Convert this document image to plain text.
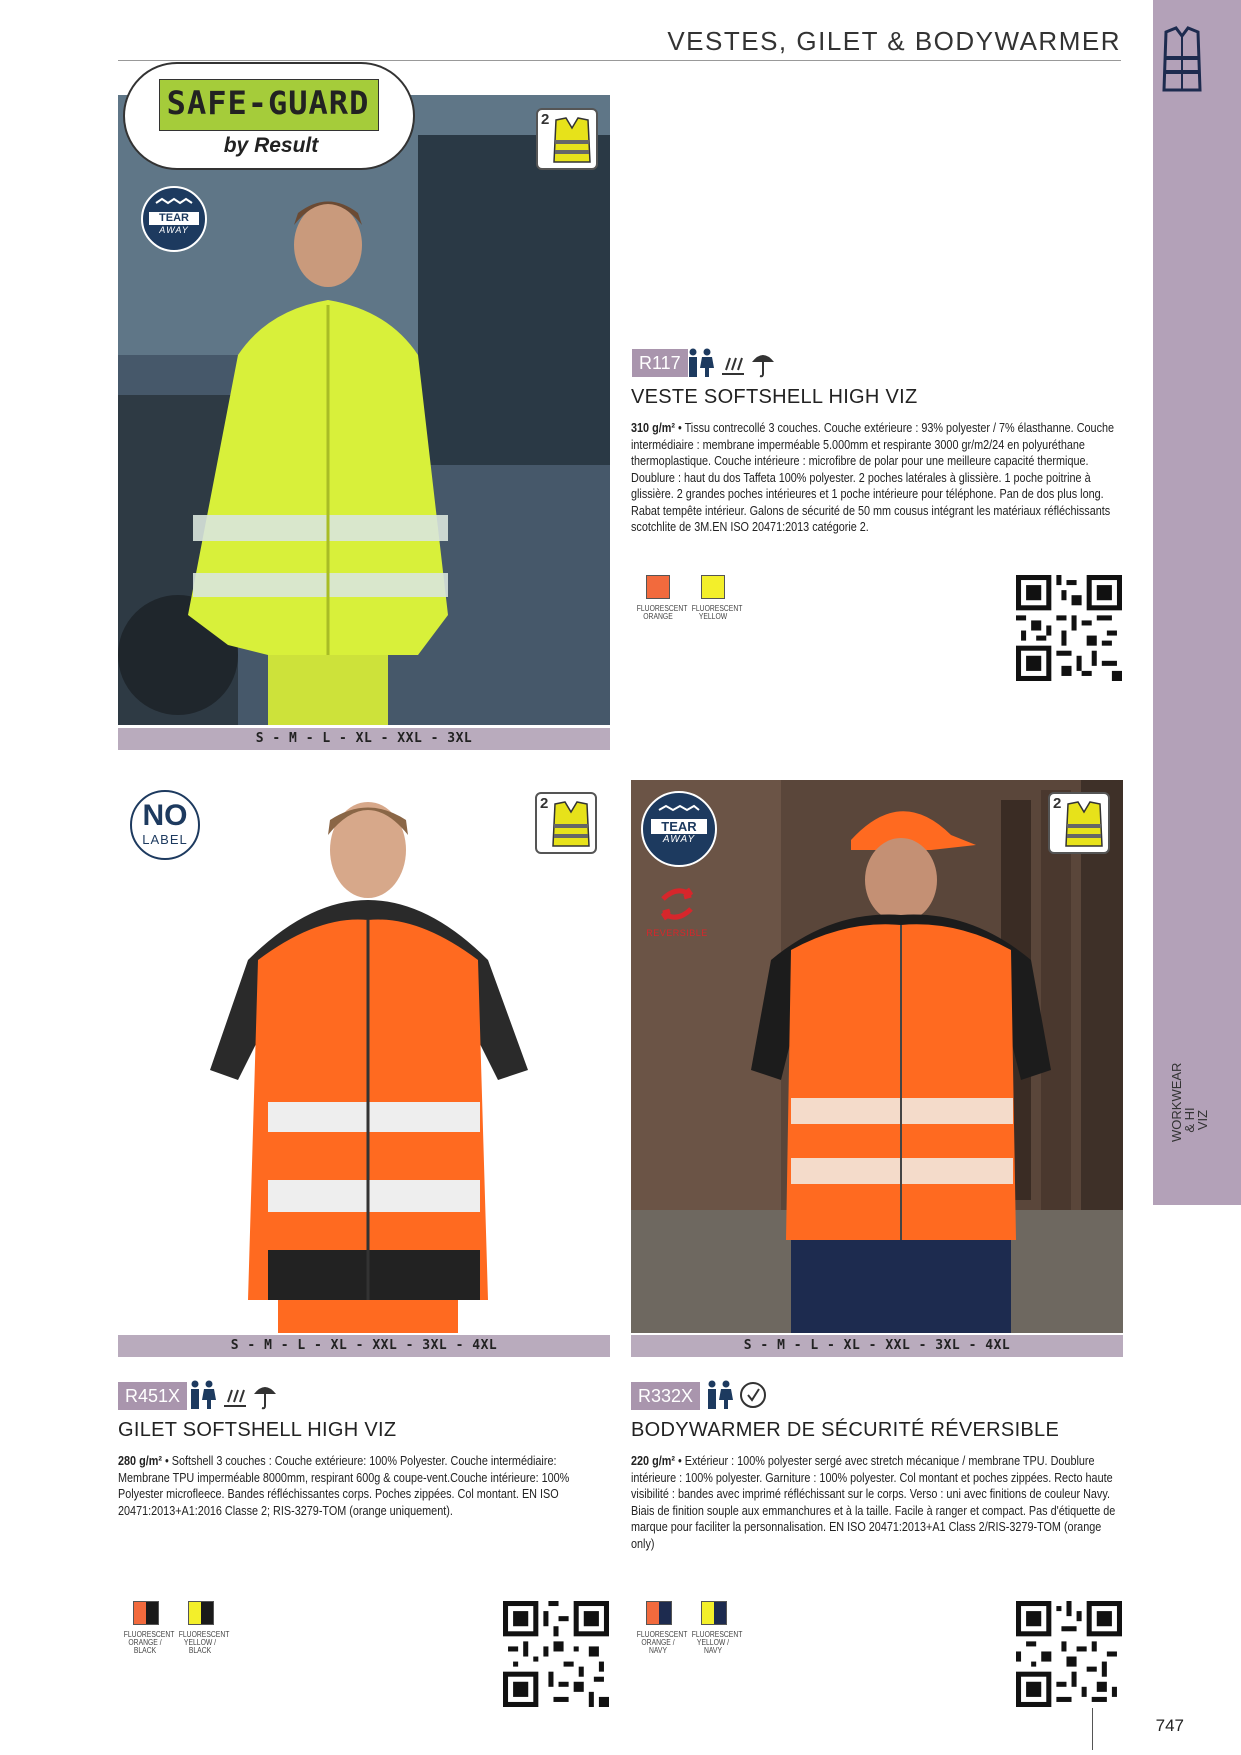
VESTES, GILET & BODYWARMER
WORKWEAR
& HI VIZ
SAFE-GUARD
by Result
TEAR
AWAY
2
S - M - L - XL - XXL - 3XL
R117
VESTE SOFTSHELL HIGH VIZ
310 g/m² • Tissu contrecollé 3 couches. Couche extérieure : 93% polyester / 7% élasthanne. Couche intermédiaire : membrane imperméable 5.000mm et respirante 3000 gr/m2/24 en polyuréthane thermoplastique. Couche intérieure : microfibre de polar pour une meilleure capacité thermique. Doublure : haut du dos Taffeta 100% polyester. 2 poches latérales à glissière. 1 poche poitrine à glissière. 2 grandes poches intérieures et 1 poche intérieure pour téléphone. Pan de dos plus long. Rabat tempête intérieur. Galons de sécurité de 50 mm cousus intégrant les matériaux réfléchissants scotchlite de 3M.EN ISO 20471:2013 catégorie 2.
FLUORESCENT
ORANGE
FLUORESCENT
YELLOW
NO
LABEL
2
S - M - L - XL - XXL - 3XL - 4XL
TEAR
AWAY
REVERSIBLE
2
S - M - L - XL - XXL - 3XL - 4XL
R451X
GILET SOFTSHELL HIGH VIZ
280 g/m² • Softshell 3 couches : Couche extérieure: 100% Polyester. Couche intermédiaire: Membrane TPU imperméable 8000mm, respirant 600g & coupe-vent.Couche intérieure: 100% Polyester microfleece. Bandes réfléchissantes corps. Poches zippées. Col montant. EN ISO 20471:2013+A1:2016 Classe 2; RIS-3279-TOM (orange uniquement).
FLUORESCENT
ORANGE /
BLACK
FLUORESCENT
YELLOW /
BLACK
R332X
BODYWARMER DE SÉCURITÉ RÉVERSIBLE
220 g/m² • Extérieur : 100% polyester sergé avec stretch mécanique / membrane TPU. Doublure intérieure : 100% polyester. Garniture : 100% polyester. Col montant et poches zippées. Recto haute visibilité : bandes avec imprimé réfléchissant sur le corps. Verso : uni avec finitions de couleur Navy. Biais de finition souple aux emmanchures et à la taille. Facile à ranger et compact. Pas d'étiquette de marque pour faciliter la personnalisation. EN ISO 20471:2013+A1 Class 2/RIS-3279-TOM (orange only)
FLUORESCENT
ORANGE /
NAVY
FLUORESCENT
YELLOW /
NAVY
747
